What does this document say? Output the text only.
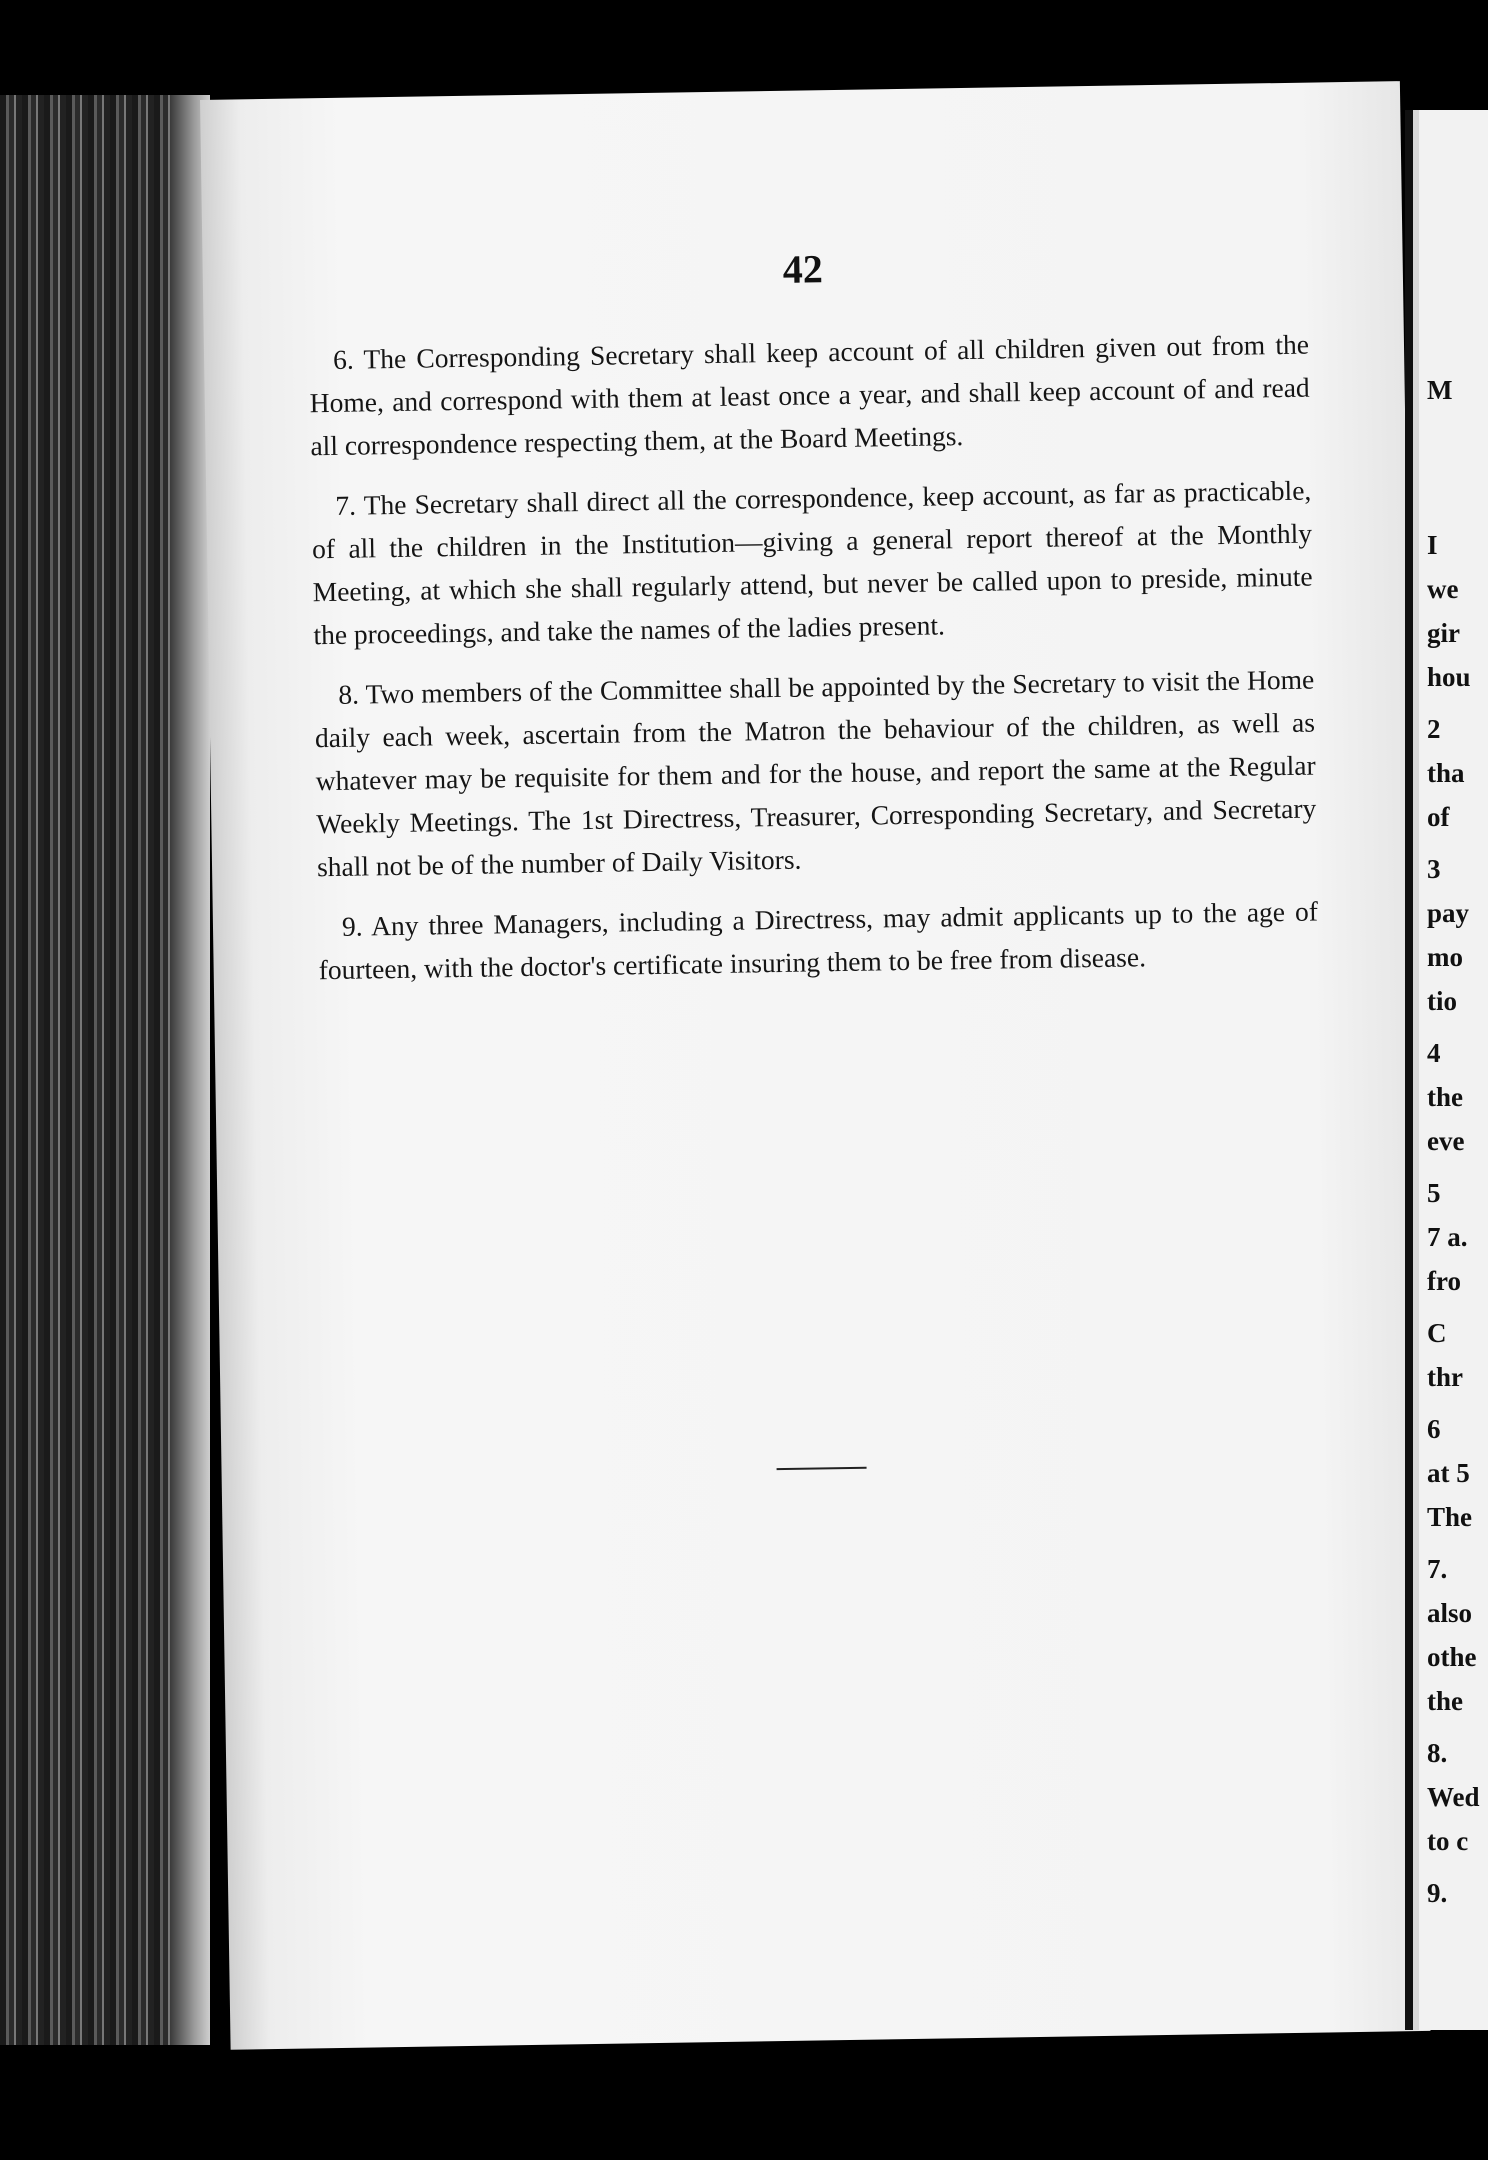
42

6. The Corresponding Secretary shall keep account of all children given out from the Home, and correspond with them at least once a year, and shall keep account of and read all correspondence respecting them, at the Board Meetings.

7. The Secretary shall direct all the correspondence, keep account, as far as practicable, of all the children in the Institution—giving a general report thereof at the Monthly Meeting, at which she shall regularly attend, but never be called upon to preside, minute the proceedings, and take the names of the ladies present.

8. Two members of the Committee shall be appointed by the Secretary to visit the Home daily each week, ascertain from the Matron the behaviour of the children, as well as whatever may be requisite for them and for the house, and report the same at the Regular Weekly Meetings. The 1st Directress, Treasurer, Corresponding Secretary, and Secretary shall not be of the number of Daily Visitors.

9. Any three Managers, including a Directress, may admit applicants up to the age of fourteen, with the doctor's certificate insuring them to be free from disease.

M
I
we
gir
hou
2
tha
of
3
pay
mo
tio
4
the
eve
5
7 a.
fro
C
thr
6
at 5
The
7.
also
othe
the
8.
Wed
to c
9.
